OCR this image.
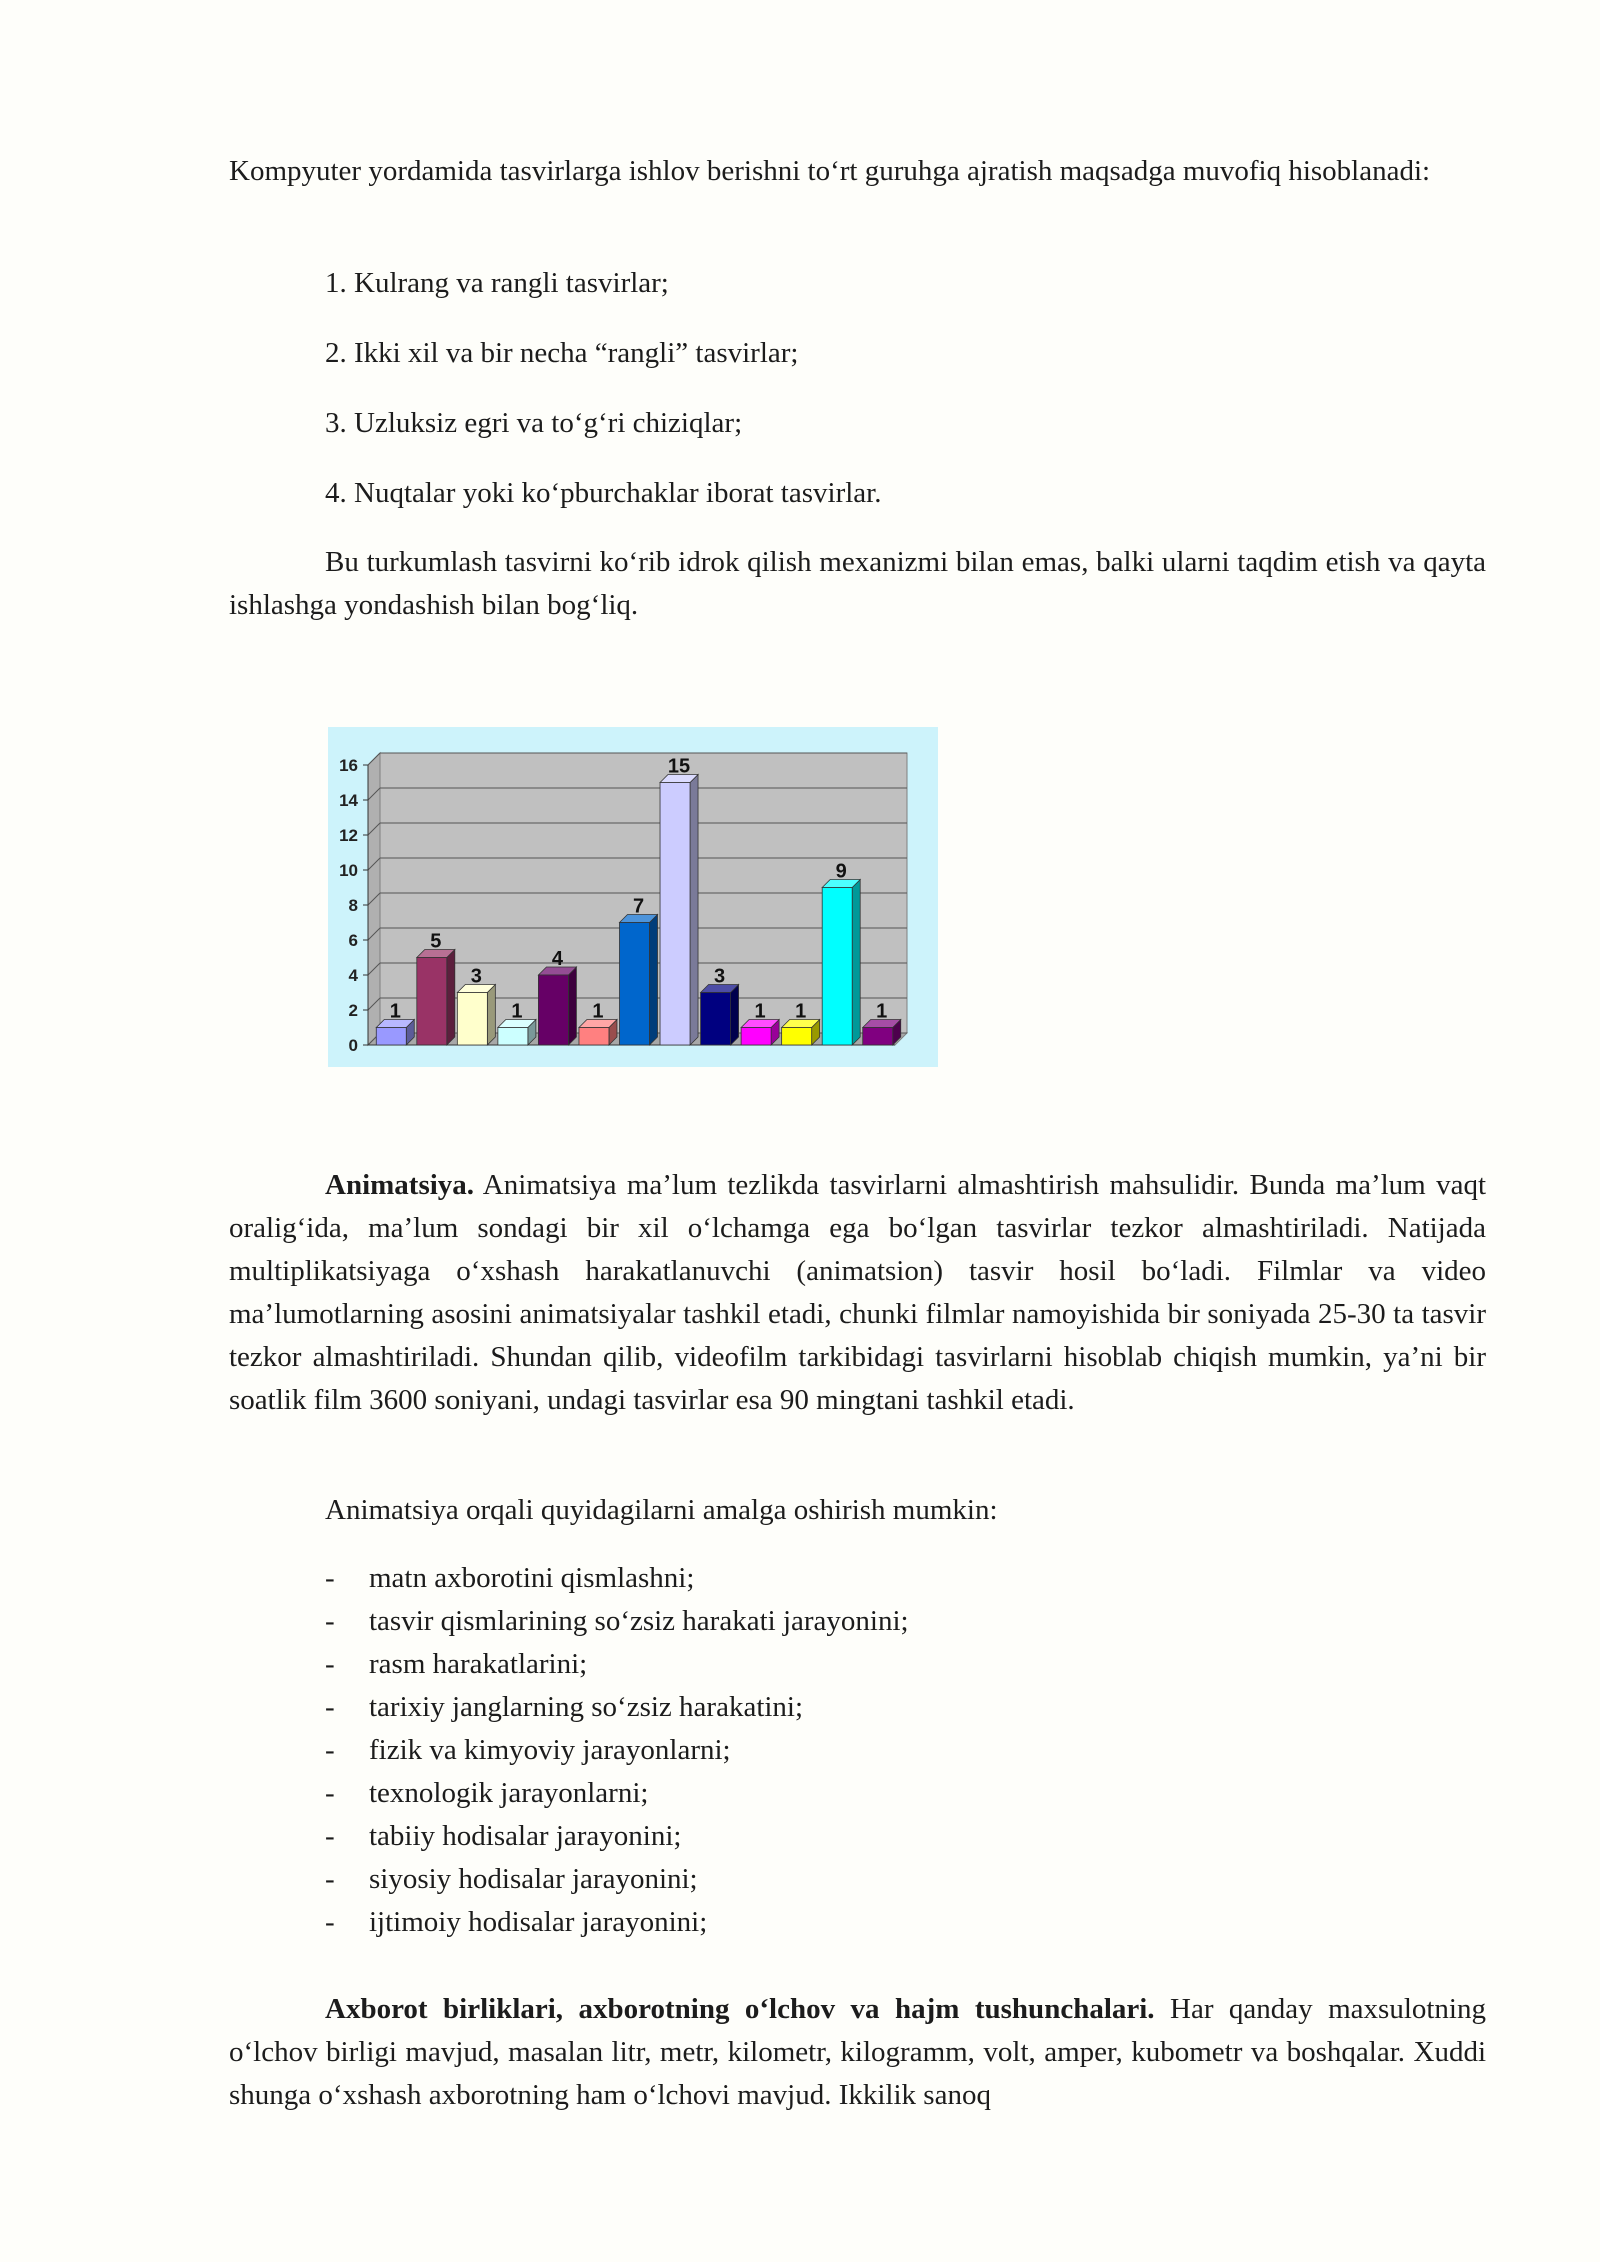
Kompyuter yordamida tasvirlarga ishlov berishni to‘rt guruhga ajratish maqsadga muvofiq hisoblanadi:

1. Kulrang va rangli tasvirlar;

2. Ikki xil va bir necha “rangli” tasvirlar;

3. Uzluksiz egri va to‘g‘ri chiziqlar;

4. Nuqtalar yoki ko‘pburchaklar iborat tasvirlar.

Bu turkumlash tasvirni ko‘rib idrok qilish mexanizmi bilan emas, balki ularni taqdim etish va qayta ishlashga yondashish bilan bog‘liq.

0
2
4
6
8
10
12
14
16
1
5
3
1
4
1
7
15
3
1 1
9
1

Animatsiya. Animatsiya ma’lum tezlikda tasvirlarni almashtirish mahsulidir. Bunda ma’lum vaqt oralig‘ida, ma’lum sondagi bir xil o‘lchamga ega bo‘lgan tasvirlar tezkor almashtiriladi. Natijada multiplikatsiyaga o‘xshash harakatlanuvchi (animatsion) tasvir hosil bo‘ladi. Filmlar va video ma’lumotlarning asosini animatsiyalar tashkil etadi, chunki filmlar namoyishida bir soniyada 25-30 ta tasvir tezkor almashtiriladi. Shundan qilib, videofilm tarkibidagi tasvirlarni hisoblab chiqish mumkin, ya’ni bir soatlik film 3600 soniyani, undagi tasvirlar esa 90 mingtani tashkil etadi.

Animatsiya orqali quyidagilarni amalga oshirish mumkin:

-	matn axborotini qismlashni;
-	tasvir qismlarining so‘zsiz harakati jarayonini;
-	rasm harakatlarini;
-	tarixiy janglarning so‘zsiz harakatini;
-	fizik va kimyoviy jarayonlarni;
-	texnologik jarayonlarni;
-	tabiiy hodisalar jarayonini;
-	siyosiy hodisalar jarayonini;
-	ijtimoiy hodisalar jarayonini;

Axborot birliklari, axborotning o‘lchov va hajm tushunchalari. Har qanday maxsulotning o‘lchov birligi mavjud, masalan litr, metr, kilometr, kilogramm, volt, amper, kubometr va boshqalar. Xuddi shunga o‘xshash axborotning ham o‘lchovi mavjud. Ikkilik sanoq
